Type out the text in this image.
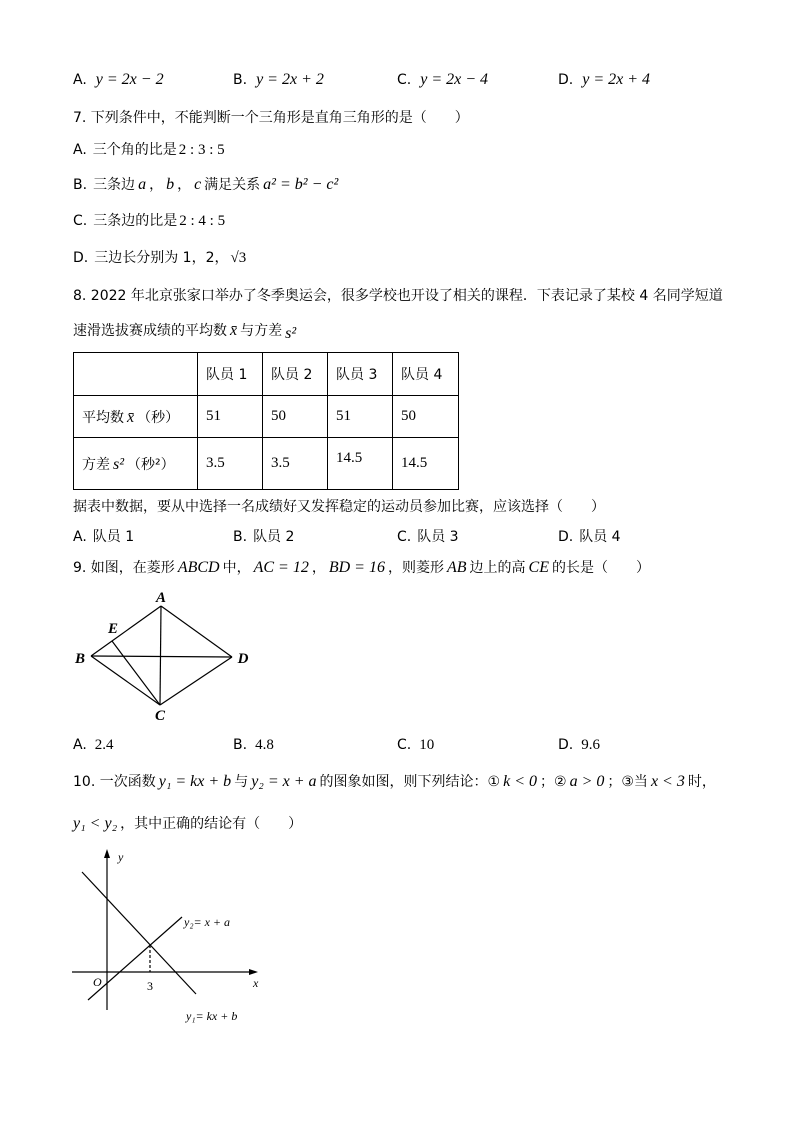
A. y = 2x − 2	B. y = 2x + 2	C. y = 2x − 4	D. y = 2x + 4
7. 下列条件中，不能判断一个三角形是直角三角形的是（　　）
A. 三个角的比是 2 : 3 : 5
B. 三条边 a ， b ， c 满足关系 a² = b² − c²
C. 三条边的比是 2 : 4 : 5
D. 三边长分别为 1，2， √3
8. 2022 年北京张家口举办了冬季奥运会，很多学校也开设了相关的课程．下表记录了某校 4 名同学短道
速滑选拔赛成绩的平均数 x̄ 与方差 s²
	队员 1	队员 2	队员 3	队员 4
平均数 x̄ （秒）	51	50	51	50
方差 s² （秒²）	3.5	3.5	14.5	14.5
据表中数据，要从中选择一名成绩好又发挥稳定的运动员参加比赛，应该选择（　　）
A. 队员 1	B. 队员 2	C. 队员 3	D. 队员 4
9. 如图，在菱形 ABCD 中， AC = 12 ， BD = 16 ，则菱形 AB 边上的高 CE 的长是（　　）
A
B
C
D
E
A. 2.4	B. 4.8	C. 10	D. 9.6
10. 一次函数 y₁ = kx + b 与 y₂ = x + a 的图象如图，则下列结论：① k < 0 ；② a > 0 ；③当 x < 3 时，
y₁ < y₂ ，其中正确的结论有（　　）
y
x
O	3
y₂= x + a
y₁= kx + b
